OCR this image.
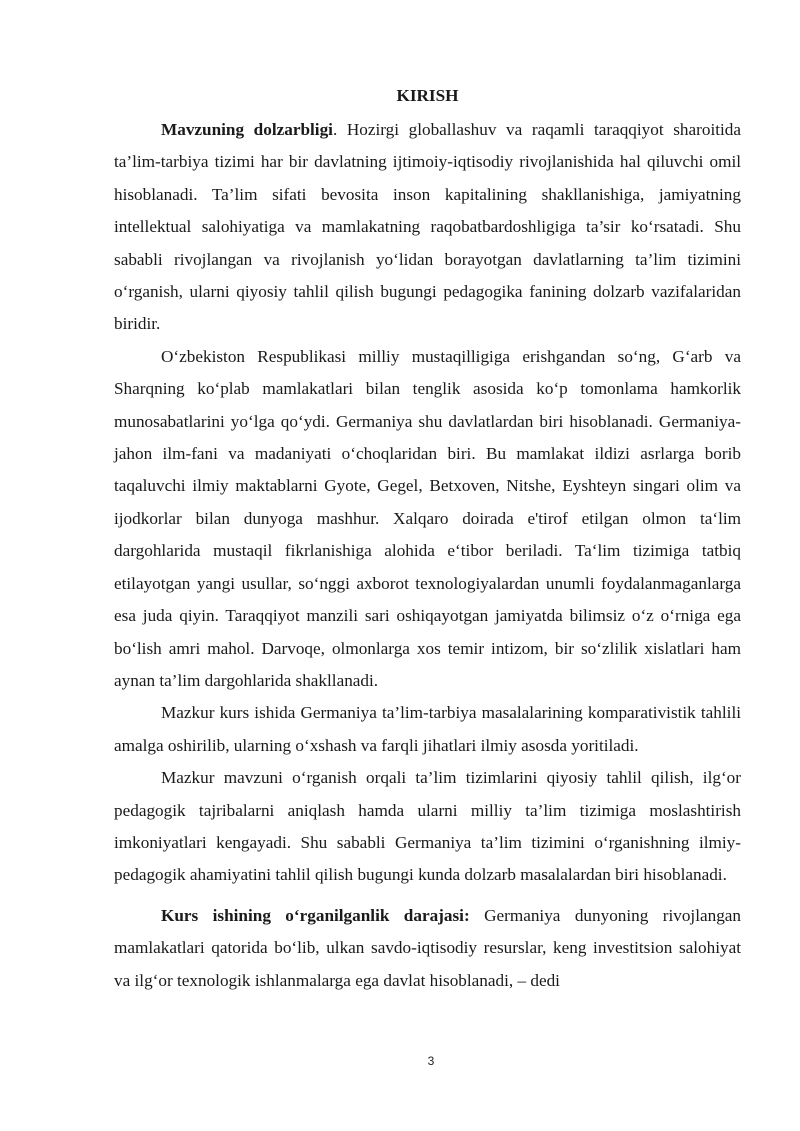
KIRISH

Mavzuning dolzarbligi. Hozirgi globallashuv va raqamli taraqqiyot sharoitida ta’lim-tarbiya tizimi har bir davlatning ijtimoiy-iqtisodiy rivojlanishida hal qiluvchi omil hisoblanadi. Ta’lim sifati bevosita inson kapitalining shakllanishiga, jamiyatning intellektual salohiyatiga va mamlakatning raqobatbardoshligiga ta’sir ko‘rsatadi. Shu sababli rivojlangan va rivojlanish yo‘lidan borayotgan davlatlarning ta’lim tizimini o‘rganish, ularni qiyosiy tahlil qilish bugungi pedagogika fanining dolzarb vazifalaridan biridir.

O‘zbekiston Respublikasi milliy mustaqilligiga erishgandan so‘ng, G‘arb va Sharqning ko‘plab mamlakatlari bilan tenglik asosida ko‘p tomonlama hamkorlik munosabatlarini yo‘lga qo‘ydi. Germaniya shu davlatlardan biri hisoblanadi. Germaniya-jahon ilm-fani va madaniyati o‘choqlaridan biri. Bu mamlakat ildizi asrlarga borib taqaluvchi ilmiy maktablarni Gyote, Gegel, Betxoven, Nitshe, Eyshteyn singari olim va ijodkorlar bilan dunyoga mashhur. Xalqaro doirada e'tirof etilgan olmon ta‘lim dargohlarida mustaqil fikrlanishiga alohida e‘tibor beriladi. Ta‘lim tizimiga tatbiq etilayotgan yangi usullar, so‘nggi axborot texnologiyalardan unumli foydalanmaganlarga esa juda qiyin. Taraqqiyot manzili sari oshiqayotgan jamiyatda bilimsiz o‘z o‘rniga ega bo‘lish amri mahol. Darvoqe, olmonlarga xos temir intizom, bir so‘zlilik xislatlari ham aynan ta’lim dargohlarida shakllanadi.

Mazkur kurs ishida Germaniya ta’lim-tarbiya masalalarining komparativistik tahlili amalga oshirilib, ularning o‘xshash va farqli jihatlari ilmiy asosda yoritiladi.

Mazkur mavzuni o‘rganish orqali ta’lim tizimlarini qiyosiy tahlil qilish, ilg‘or pedagogik tajribalarni aniqlash hamda ularni milliy ta’lim tizimiga moslashtirish imkoniyatlari kengayadi. Shu sababli Germaniya ta’lim tizimini o‘rganishning ilmiy-pedagogik ahamiyatini tahlil qilish bugungi kunda dolzarb masalalardan biri hisoblanadi.

Kurs ishining o‘rganilganlik darajasi: Germaniya dunyoning rivojlangan mamlakatlari qatorida bo‘lib, ulkan savdo-iqtisodiy resurslar, keng investitsion salohiyat va ilg‘or texnologik ishlanmalarga ega davlat hisoblanadi, – dedi

3
